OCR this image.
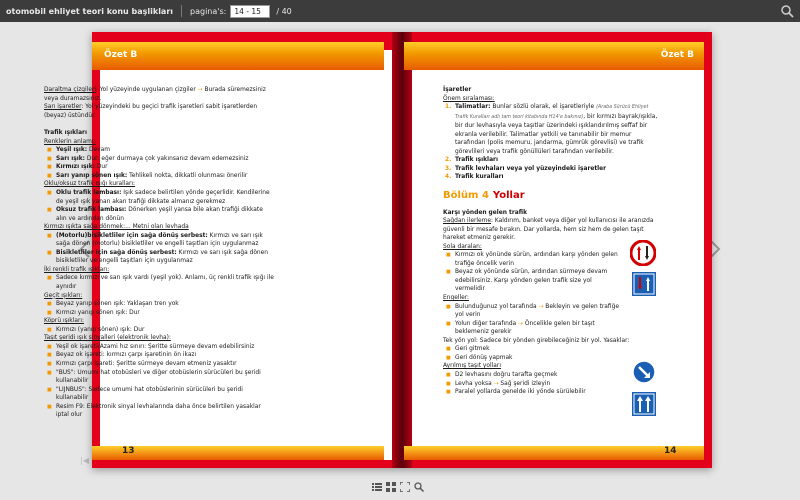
otomobil ehliyet teori konu başlikları pagina's:	14 - 15	/ 40
|◀
Özet B	Özet B
13	14
Daraltma çizgileri: Yol yüzeyinde uygulanan çizgiler ⇢ Burada süremezsiniz veya duramazsınız.
Sarı işaretler: Yol yüzeyindeki bu geçici trafik işaretleri sabit işaretlerden (beyaz) üstündür.
Trafik ışıkları
Renklerin anlamı:
■ Yeşil ışık: Devam
■ Sarı ışık: Dur; eğer durmaya çok yakınsanız devam edemezsiniz
■ Kırmızı ışık: Dur
■ Sarı yanıp sönen ışık: Tehlikeli nokta, dikkatli olunması önerilir
Oklu/oksuz trafik ışığı kuralları:
■ Oklu trafik lambası: Işık sadece belirtilen yönde geçerlidir. Kendilerine de yeşil ışık yanan akan trafiği dikkate almanız gerekmez
■ Oksuz trafik lambası: Dönerken yeşil yansa bile akan trafiği dikkate alın ve ardından dönün
Kırmızı ışıkta sağa dönmek:... Metni olan levhada
■ (Motorlu)bisikletliler için sağa dönüş serbest: Kırmızı ve sarı ışık sağa dönen (motorlu) bisikletliler ve engelli taşıtları için uygulanmaz
■ Bisikletliler için sağa dönüş serbest: Kırmızı ve sarı ışık sağa dönen bisikletliler ve engelli taşıtları için uygulanmaz
İki renkli trafik ışıkları:
■ Sadece kırmızı ve sarı ışık vardı (yeşil yok). Anlamı, üç renkli trafik ışığı ile aynıdır
Geçit ışıkları:
■ Beyaz yanıp sönen ışık: Yaklaşan tren yok
■ Kırmızı yanıp sönen ışık: Dur
Köprü ışıkları:
■ Kırmızı (yanıp sönen) ışık: Dur
Taşıt şeridi ışık sinyalleri (elektronik levha):
■ Yeşil ok işareti/Azami hız sınırı: Şeritte sürmeye devam edebilirsiniz
■ Beyaz ok işareti: kırmızı çarpı işaretinin ön ikazı
■ Kırmızı çarpı işareti: Şeritte sürmeye devam etmeniz yasaktır
■ "BUS": Umumi hat otobüsleri ve diğer otobüslerin sürücüleri bu şeridi kullanabilir
■ "LIJNBUS": Sadece umumi hat otobüslerinin sürücüleri bu şeridi kullanabilir
■ Resim F9: Elektronik sinyal levhalarında daha önce belirtilen yasaklar iptal olur
İşaretler
Önem sıralaması:
1. Talimatlar: Bunlar sözlü olarak, el işaretleriyle (Araba Sürücü Ehliyet Trafik Kuralları adlı tam teori kitabında H14'e bakınız), bir kırmızı bayrak/ışıkla, bir dur levhasıyla veya taşıtlar üzerindeki ışıklandırılmış seffaf bir ekranla verilebilir. Talimatlar yetkili ve tanınabilir bir memur tarafından (polis memuru, jandarma, gümrük görevlisi) ve trafik görevlileri veya trafik gönüllüleri tarafından verilebilir.
2. Trafik ışıkları
3. Trafik levhaları veya yol yüzeyindeki işaretler
4. Trafik kuralları
Bölüm 4 Yollar
Karşı yönden gelen trafik
Sağdan ilerleme: Kaldırım, banket veya diğer yol kullanıcısı ile aranızda güvenli bir mesafe bırakın. Dar yollarda, hem siz hem de gelen taşıt hareket etmeniz gerekir.
Sola daralan:
■ Kırmızı ok yönünde sürün, ardından karşı yönden gelen trafiğe öncelik verin
■ Beyaz ok yönünde sürün, ardından sürmeye devam edebilirsiniz. Karşı yönden gelen trafik size yol vermelidir
Engeller:
■ Bulunduğunuz yol tarafında ⇢ Bekleyin ve gelen trafiğe yol verin
■ Yolun diğer tarafında ⇢ Önceliklе gelen bir taşıt beklemeniz gerekir
Tek yön yol: Sadece bir yönden girebileceğiniz bir yol. Yasaklar:
■ Geri gitmek
■ Geri dönüş yapmak
Ayrılmış taşıt yolları
■ D2 levhasını doğru tarafta geçmek
■ Levha yoksa ⇢ Sağ şeridi izleyin
■ Paralel yollarda genelde iki yönde sürülebilir
